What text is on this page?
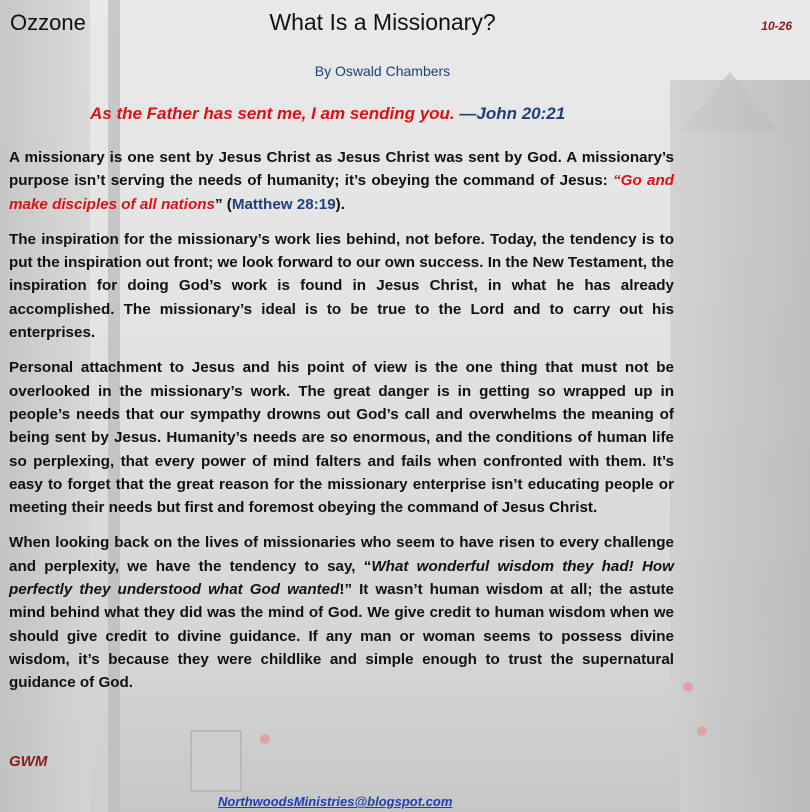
Ozzone	What Is a Missionary?	10-26
By Oswald Chambers
As the Father has sent me, I am sending you. —John 20:21

A missionary is one sent by Jesus Christ as Jesus Christ was sent by God. A missionary’s purpose isn’t serving the needs of humanity; it’s obeying the command of Jesus: “Go and make disciples of all nations” (Matthew 28:19).

The inspiration for the missionary’s work lies behind, not before. Today, the tendency is to put the inspiration out front; we look forward to our own success. In the New Testament, the inspiration for doing God’s work is found in Jesus Christ, in what he has already accomplished. The missionary’s ideal is to be true to the Lord and to carry out his enterprises.

Personal attachment to Jesus and his point of view is the one thing that must not be overlooked in the missionary’s work. The great danger is in getting so wrapped up in people’s needs that our sympathy drowns out God’s call and overwhelms the meaning of being sent by Jesus. Humanity’s needs are so enormous, and the conditions of human life so perplexing, that every power of mind falters and fails when confronted with them. It’s easy to forget that the great reason for the missionary enterprise isn’t educating people or meeting their needs but first and foremost obeying the command of Jesus Christ.

When looking back on the lives of missionaries who seem to have risen to every challenge and perplexity, we have the tendency to say, “What wonderful wisdom they had! How perfectly they understood what God wanted!” It wasn’t human wisdom at all; the astute mind behind what they did was the mind of God. We give credit to human wisdom when we should give credit to divine guidance. If any man or woman seems to possess divine wisdom, it’s because they were childlike and simple enough to trust the supernatural guidance of God.

GWM
NorthwoodsMinistries@blogspot.com
